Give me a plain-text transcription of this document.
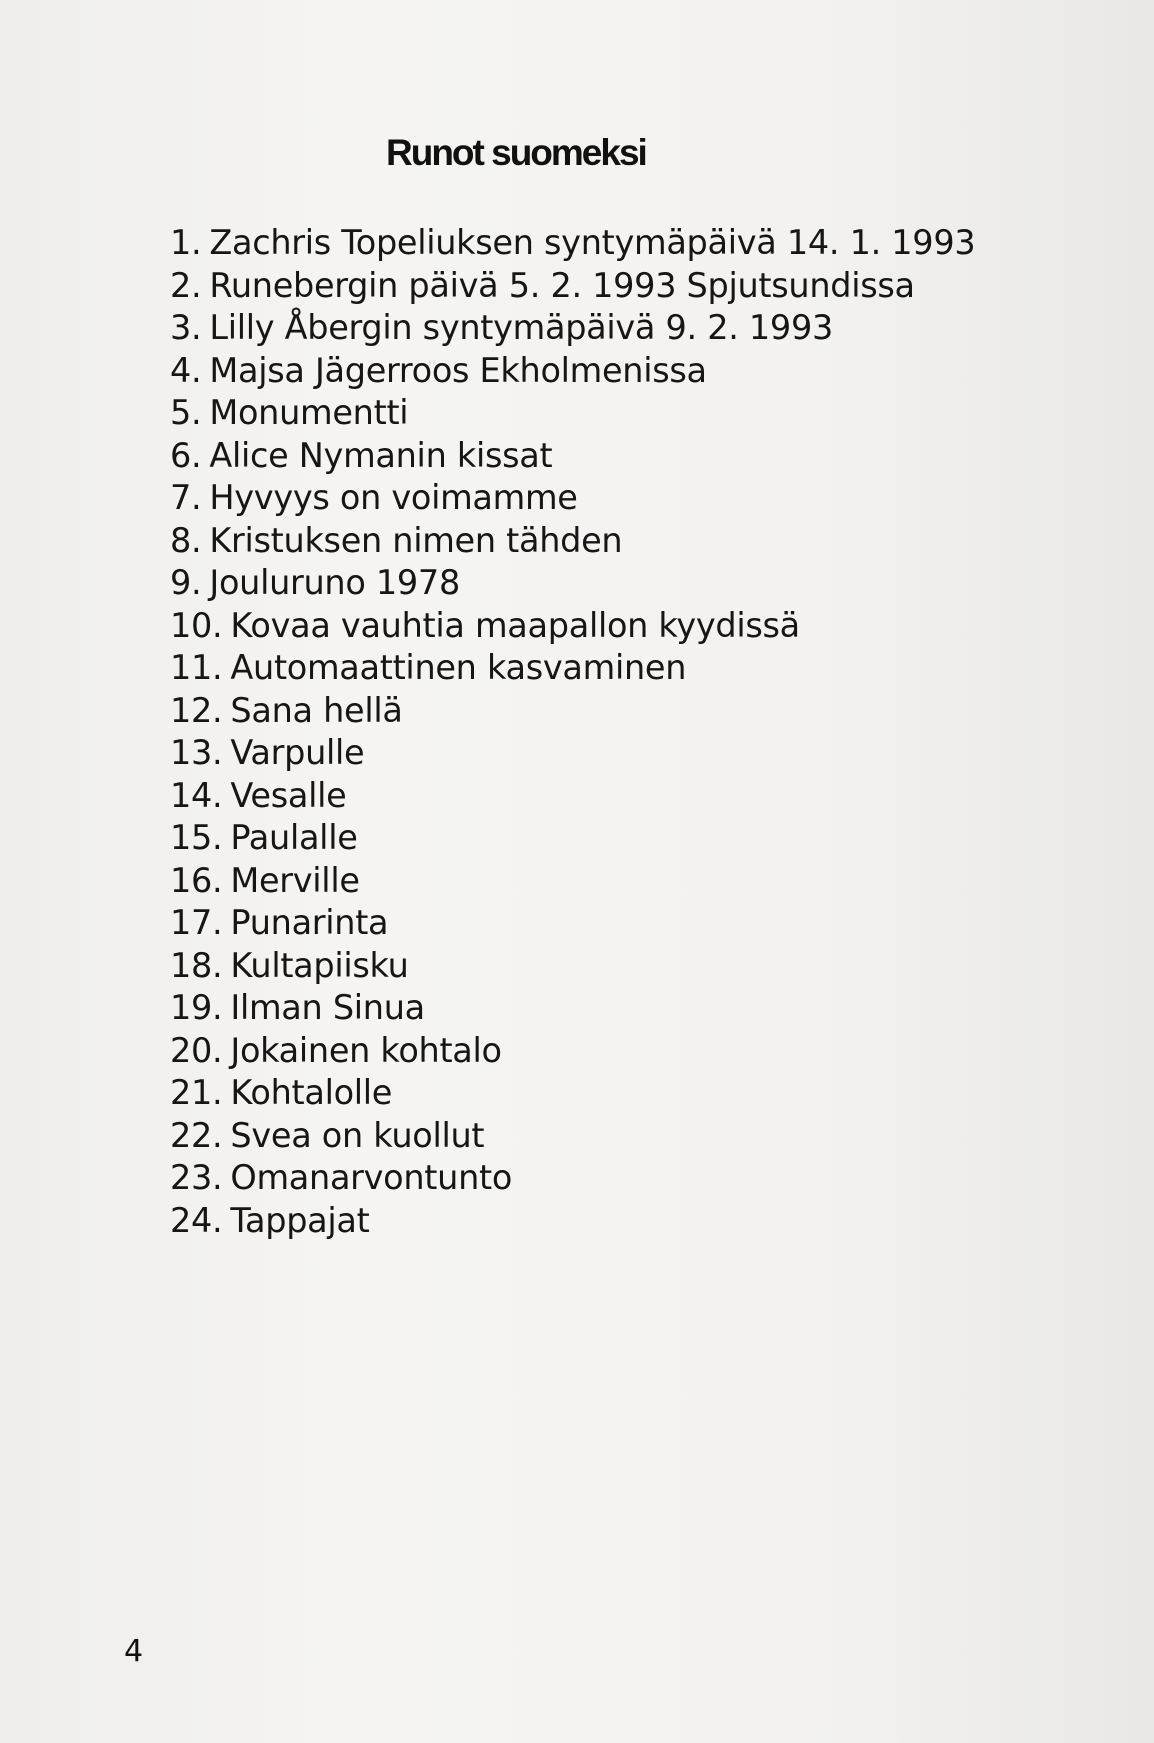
Runot suomeksi
1. Zachris Topeliuksen syntymäpäivä 14. 1. 1993
2. Runebergin päivä 5. 2. 1993 Spjutsundissa
3. Lilly Åbergin syntymäpäivä 9. 2. 1993
4. Majsa Jägerroos Ekholmenissa
5. Monumentti
6. Alice Nymanin kissat
7. Hyvyys on voimamme
8. Kristuksen nimen tähden
9. Jouluruno 1978
10. Kovaa vauhtia maapallon kyydissä
11. Automaattinen kasvaminen
12. Sana hellä
13. Varpulle
14. Vesalle
15. Paulalle
16. Merville
17. Punarinta
18. Kultapiisku
19. Ilman Sinua
20. Jokainen kohtalo
21. Kohtalolle
22. Svea on kuollut
23. Omanarvontunto
24. Tappajat
4
